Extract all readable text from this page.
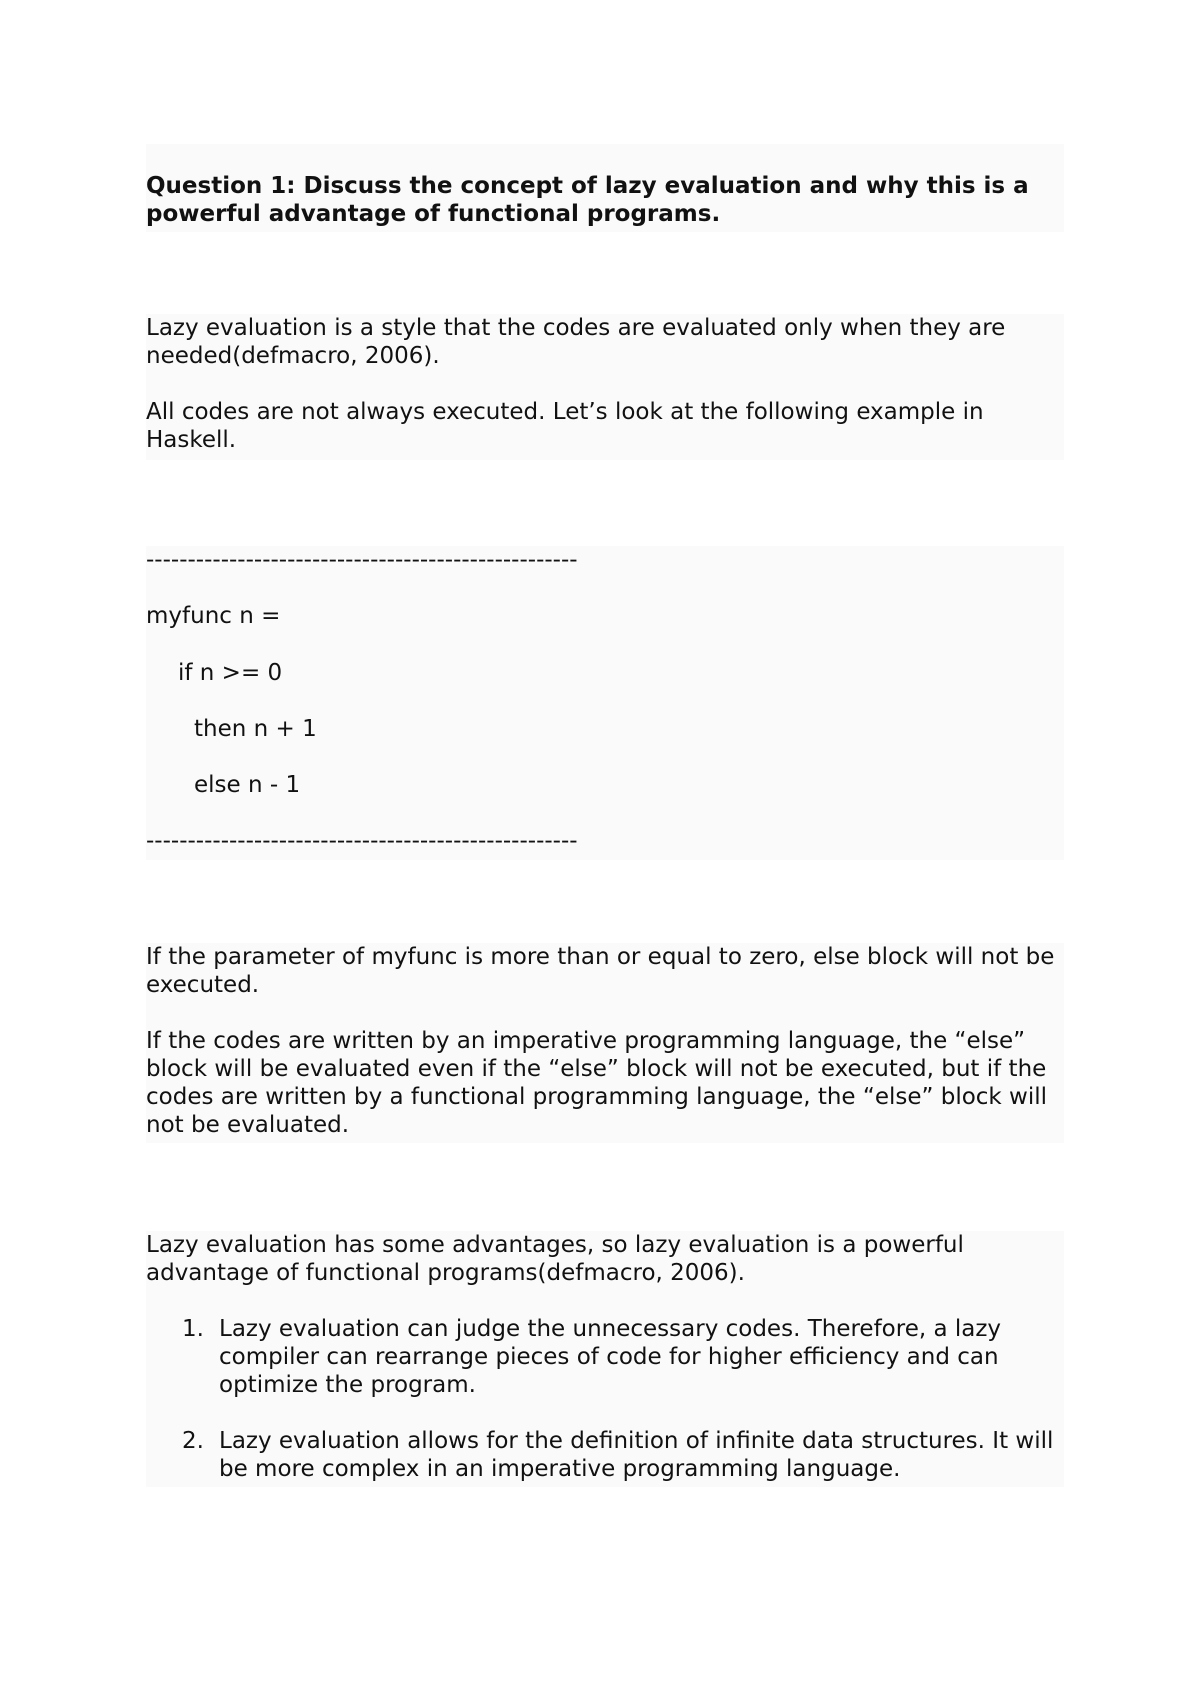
Question 1: Discuss the concept of lazy evaluation and why this is a powerful advantage of functional programs.

Lazy evaluation is a style that the codes are evaluated only when they are needed(defmacro, 2006).

All codes are not always executed. Let’s look at the following example in Haskell.

----------------------------------------------------
myfunc n =
if n >= 0
then n + 1
else n - 1
----------------------------------------------------

If the parameter of myfunc is more than or equal to zero, else block will not be executed.

If the codes are written by an imperative programming language, the “else” block will be evaluated even if the “else” block will not be executed, but if the codes are written by a functional programming language, the “else” block will not be evaluated.

Lazy evaluation has some advantages, so lazy evaluation is a powerful advantage of functional programs(defmacro, 2006).

1. Lazy evaluation can judge the unnecessary codes. Therefore, a lazy compiler can rearrange pieces of code for higher efficiency and can optimize the program.
2. Lazy evaluation allows for the definition of infinite data structures. It will be more complex in an imperative programming language.
